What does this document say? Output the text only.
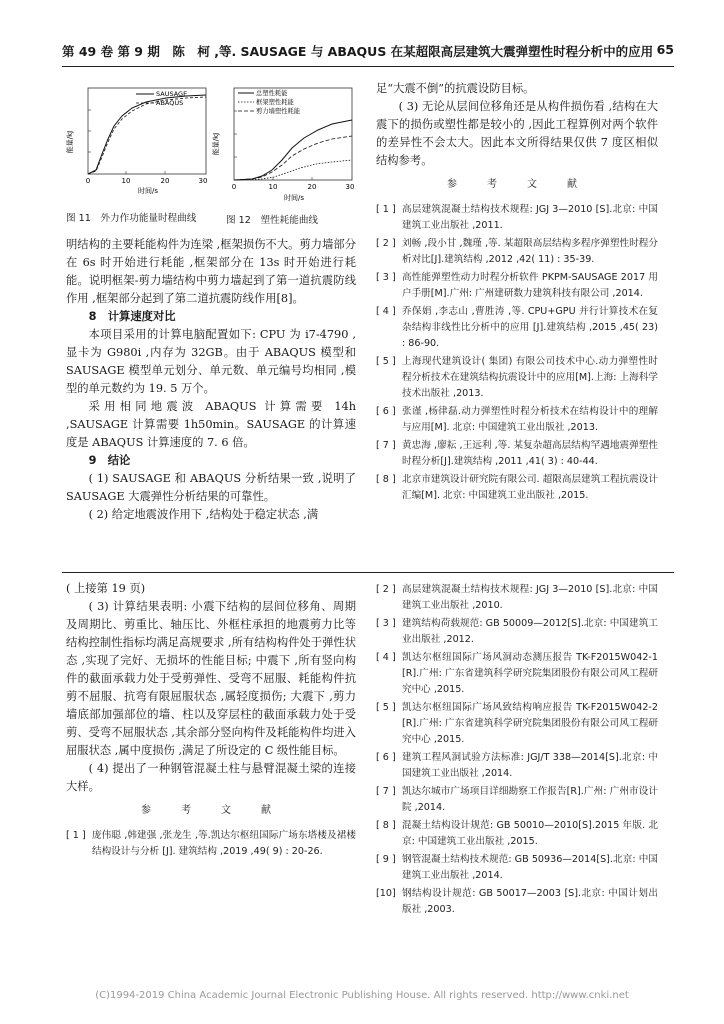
第 49 卷 第 9 期　陈　柯 ,等. SAUSAGE 与 ABAQUS 在某超限高层建筑大震弹塑性时程分析中的应用 65
能量/kJ
SAUSAGE
ABAQUS
0	10	20	30
时间/s
能量/kJ
总塑性耗能
框架塑性耗能
剪力墙塑性耗能
0	10	20	30
时间/s
图 11　外力作功能量时程曲线	图 12　塑性耗能曲线

明结构的主要耗能构件为连梁 ,框架损伤不大。剪力墙部分在 6s 时开始进行耗能 ,框架部分在 13s 时开始进行耗能。说明框架-剪力墙结构中剪力墙起到了第一道抗震防线作用 ,框架部分起到了第二道抗震防线作用[8]。

8　计算速度对比

本项目采用的计算电脑配置如下: CPU 为 i7-4790 ,显卡为 G980i ,内存为 32GB。由于 ABAQUS 模型和 SAUSAGE 模型单元划分、单元数、单元编号均相同 ,模型的单元数约为 19. 5 万个。

采用相同地震波 ABAQUS 计算需要 14h ,SAUSAGE 计算需要 1h50min。SAUSAGE 的计算速度是 ABAQUS 计算速度的 7. 6 倍。

9　结论

( 1) SAUSAGE 和 ABAQUS 分析结果一致 ,说明了 SAUSAGE 大震弹性分析结果的可靠性。

( 2) 给定地震波作用下 ,结构处于稳定状态 ,满

足“大震不倒”的抗震设防目标。

( 3) 无论从层间位移角还是从构件损伤看 ,结构在大震下的损伤或塑性都是较小的 ,因此工程算例对两个软件的差异性不会太大。因此本文所得结果仅供 7 度区相似结构参考。

参　考　文　献
[ 1 ] 高层建筑混凝土结构技术规程: JGJ 3—2010 [S].北京: 中国建筑工业出版社 ,2011.
[ 2 ] 刘畅 ,段小甘 ,魏瑾 ,等. 某超限高层结构多程序弹塑性时程分析对比[J].建筑结构 ,2012 ,42( 11) : 35-39.
[ 3 ] 高性能弹塑性动力时程分析软件 PKPM-SAUSAGE 2017 用户手册[M].广州: 广州建研数力建筑科技有限公司 ,2014.
[ 4 ] 乔保娟 ,李志山 ,曹胜涛 ,等. CPU+GPU 并行计算技术在复杂结构非线性比分析中的应用 [J].建筑结构 ,2015 ,45( 23) : 86-90.
[ 5 ] 上海现代建筑设计( 集团) 有限公司技术中心.动力弹塑性时程分析技术在建筑结构抗震设计中的应用[M].上海: 上海科学技术出版社 ,2013.
[ 6 ] 张谨 ,杨律磊.动力弹塑性时程分析技术在结构设计中的理解与应用[M]. 北京: 中国建筑工业出版社 ,2013.
[ 7 ] 黄忠海 ,廖耘 ,王远利 ,等. 某复杂超高层结构罕遇地震弹塑性时程分析[J].建筑结构 ,2011 ,41( 3) : 40-44.
[ 8 ] 北京市建筑设计研究院有限公司. 超限高层建筑工程抗震设计汇编[M]. 北京: 中国建筑工业出版社 ,2015.

( 上接第 19 页)

( 3) 计算结果表明: 小震下结构的层间位移角、周期及周期比、剪重比、轴压比、外框柱承担的地震剪力比等结构控制性指标均满足高规要求 ,所有结构构件处于弹性状态 ,实现了完好、无损坏的性能目标; 中震下 ,所有竖向构件的截面承载力处于受剪弹性、受弯不屈服、耗能构件抗剪不屈服、抗弯有限屈服状态 ,属轻度损伤; 大震下 ,剪力墙底部加强部位的墙、柱以及穿层柱的截面承载力处于受剪、受弯不屈服状态 ,其余部分竖向构件及耗能构件均进入屈服状态 ,属中度损伤 ,满足了所设定的 C 级性能目标。

( 4) 提出了一种钢管混凝土柱与悬臂混凝土梁的连接大样。

参　考　文　献
[ 1 ] 庞伟聪 ,韩建强 ,张龙生 ,等.凯达尔枢纽国际广场东塔楼及裙楼结构设计与分析 [J]. 建筑结构 ,2019 ,49( 9) : 20-26.
[ 2 ] 高层建筑混凝土结构技术规程: JGJ 3—2010 [S].北京: 中国建筑工业出版社 ,2010.
[ 3 ] 建筑结构荷载规范: GB 50009—2012[S].北京: 中国建筑工业出版社 ,2012.
[ 4 ] 凯达尔枢纽国际广场风洞动态测压报告 TK-F2015W042-1 [R].广州: 广东省建筑科学研究院集团股份有限公司风工程研究中心 ,2015.
[ 5 ] 凯达尔枢纽国际广场风致结构响应报告 TK-F2015W042-2 [R].广州: 广东省建筑科学研究院集团股份有限公司风工程研究中心 ,2015.
[ 6 ] 建筑工程风洞试验方法标准: JGJ/T 338—2014[S].北京: 中国建筑工业出版社 ,2014.
[ 7 ] 凯达尔城市广场项目详细勘察工作报告[R].广州: 广州市设计院 ,2014.
[ 8 ] 混凝土结构设计规范: GB 50010—2010[S].2015 年版. 北京: 中国建筑工业出版社 ,2015.
[ 9 ] 钢管混凝土结构技术规范: GB 50936—2014[S].北京: 中国建筑工业出版社 ,2014.
[10] 钢结构设计规范: GB 50017—2003 [S].北京: 中国计划出版社 ,2003.
(C)1994-2019 China Academic Journal Electronic Publishing House. All rights reserved. http://www.cnki.net
